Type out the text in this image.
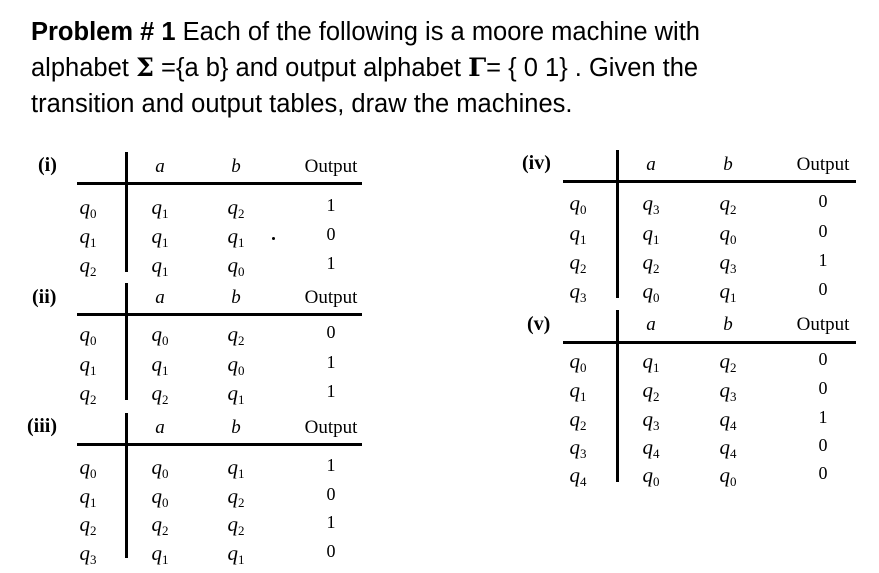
Problem # 1 Each of the following is a moore machine with
alphabet Σ ={a b} and output alphabet Γ= { 0 1} . Given the
transition and output tables, draw the machines.
(i)	a	b	Output
$q_0$	$q_1$	$q_2$	1
$q_1$	$q_1$	$q_1$	0
$q_2$	$q_1$	$q_0$	1
(ii)	a	b	Output
$q_0$	$q_0$	$q_2$	0
$q_1$	$q_1$	$q_0$	1
$q_2$	$q_2$	$q_1$	1
(iii)	a	b	Output
$q_0$	$q_0$	$q_1$	1
$q_1$	$q_0$	$q_2$	0
$q_2$	$q_2$	$q_2$	1
$q_3$	$q_1$	$q_1$	0
(iv)	a	b	Output
$q_0$	$q_3$	$q_2$	0
$q_1$	$q_1$	$q_0$	0
$q_2$	$q_2$	$q_3$	1
$q_3$	$q_0$	$q_1$	0
(v)	a	b	Output
$q_0$	$q_1$	$q_2$	0
$q_1$	$q_2$	$q_3$	0
$q_2$	$q_3$	$q_4$	1
$q_3$	$q_4$	$q_4$	0
$q_4$	$q_0$	$q_0$	0
